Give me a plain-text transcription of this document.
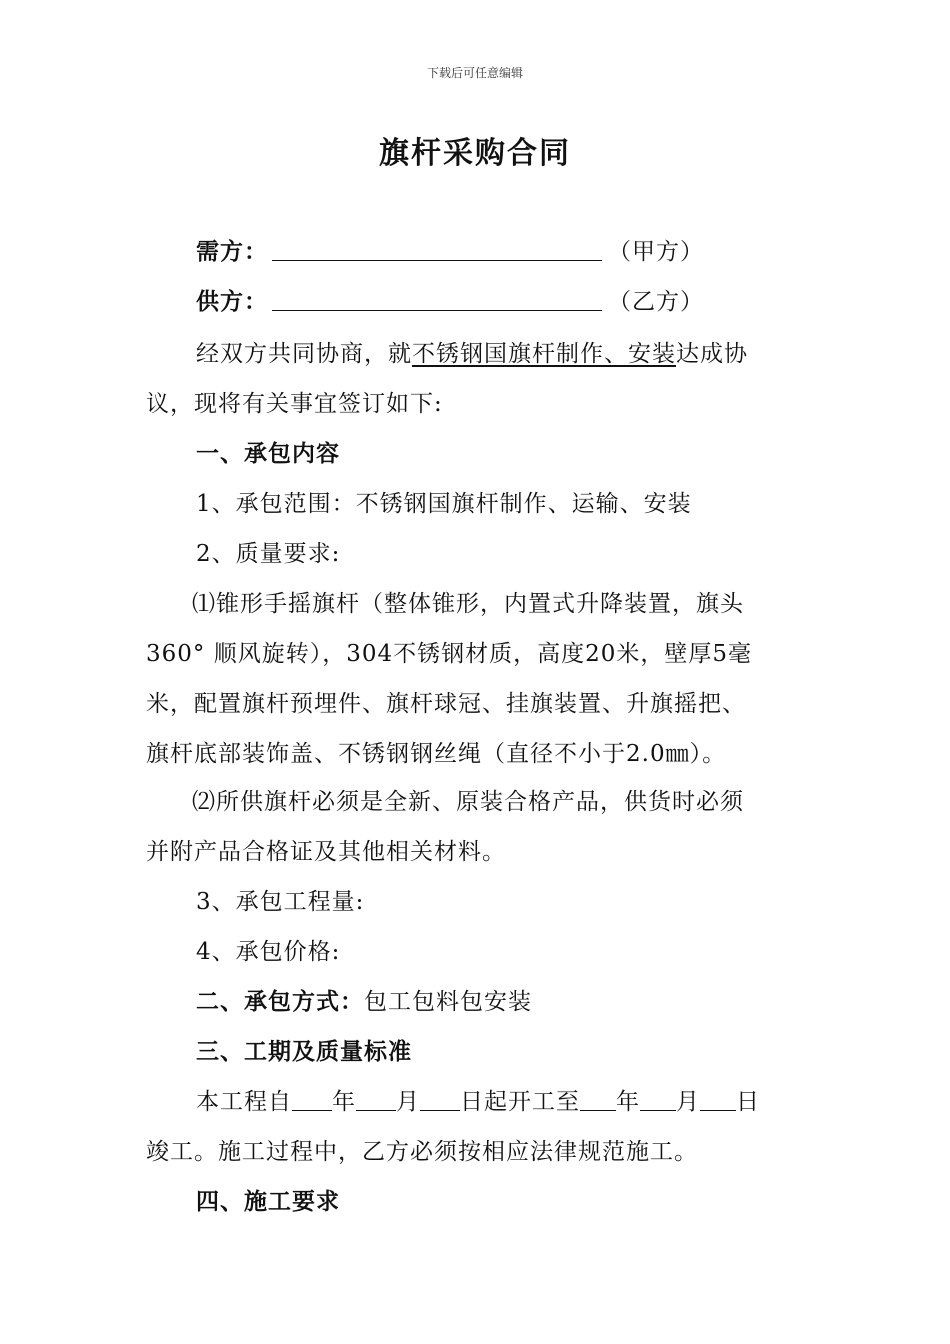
下载后可任意编辑
旗杆采购合同
需方：	（甲方）
供方：	（乙方）
经双方共同协商，就不锈钢国旗杆制作、安装达成协
议，现将有关事宜签订如下:
一、承包内容
1、承包范围：不锈钢国旗杆制作、运输、安装
2、质量要求:
⑴锥形手摇旗杆（整体锥形，内置式升降装置，旗头
360° 顺风旋转），304不锈钢材质，高度20米，壁厚5毫
米，配置旗杆预埋件、旗杆球冠、挂旗装置、升旗摇把、
旗杆底部装饰盖、不锈钢钢丝绳（直径不小于2.0㎜）。
⑵所供旗杆必须是全新、原装合格产品，供货时必须
并附产品合格证及其他相关材料。
3、承包工程量:
4、承包价格:
二、承包方式：包工包料包安装
三、工期及质量标准
本工程自 年 月 日起开工至 年 月 日
竣工。施工过程中，乙方必须按相应法律规范施工。
四、施工要求
